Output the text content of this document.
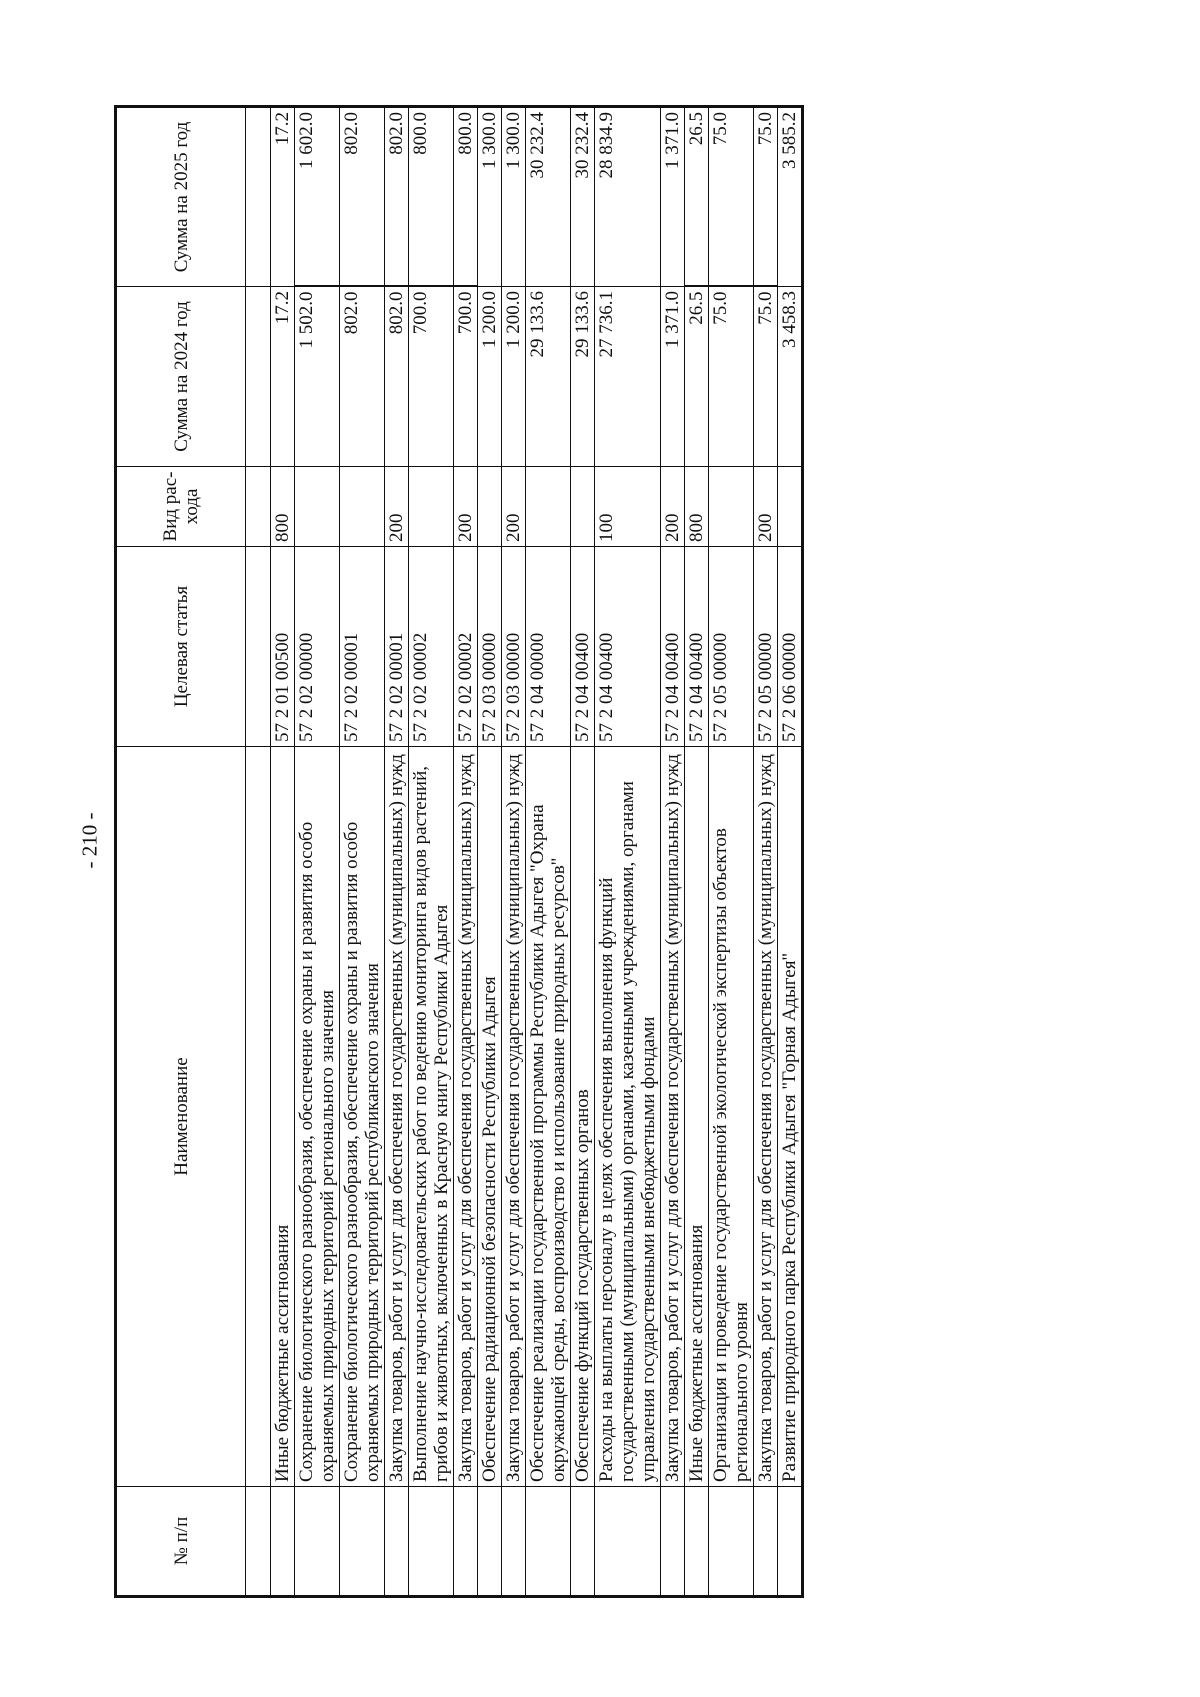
- 210 -
№ п/п	Наименование	Целевая статья	Вид рас-хода	Сумма на 2024 год	Сумма на 2025 год

	Иные бюджетные ассигнования	57 2 01 00500	800	17.2	17.2
	Сохранение биологического разнообразия, обеспечение охраны и развития особо охраняемых природных территорий регионального значения	57 2 02 00000		1 502.0	1 602.0
	Сохранение биологического разнообразия, обеспечение охраны и развития особо охраняемых природных территорий республиканского значения	57 2 02 00001		802.0	802.0
	Закупка товаров, работ и услуг для обеспечения государственных (муниципальных) нужд	57 2 02 00001	200	802.0	802.0
	Выполнение научно-исследовательских работ по ведению мониторинга видов растений, грибов и животных, включенных в Красную книгу Республики Адыгея	57 2 02 00002		700.0	800.0
	Закупка товаров, работ и услуг для обеспечения государственных (муниципальных) нужд	57 2 02 00002	200	700.0	800.0
	Обеспечение радиационной безопасности Республики Адыгея	57 2 03 00000		1 200.0	1 300.0
	Закупка товаров, работ и услуг для обеспечения государственных (муниципальных) нужд	57 2 03 00000	200	1 200.0	1 300.0
	Обеспечение реализации государственной программы Республики Адыгея "Охрана окружающей среды, воспроизводство и использование природных ресурсов"	57 2 04 00000		29 133.6	30 232.4
	Обеспечение функций государственных органов	57 2 04 00400		29 133.6	30 232.4
	Расходы на выплаты персоналу в целях обеспечения выполнения функций государственными (муниципальными) органами, казенными учреждениями, органами управления государственными внебюджетными фондами	57 2 04 00400	100	27 736.1	28 834.9
	Закупка товаров, работ и услуг для обеспечения государственных (муниципальных) нужд	57 2 04 00400	200	1 371.0	1 371.0
	Иные бюджетные ассигнования	57 2 04 00400	800	26.5	26.5
	Организация и проведение государственной экологической экспертизы объектов регионального уровня	57 2 05 00000		75.0	75.0
	Закупка товаров, работ и услуг для обеспечения государственных (муниципальных) нужд	57 2 05 00000	200	75.0	75.0
	Развитие природного парка Республики Адыгея "Горная Адыгея"	57 2 06 00000		3 458.3	3 585.2
